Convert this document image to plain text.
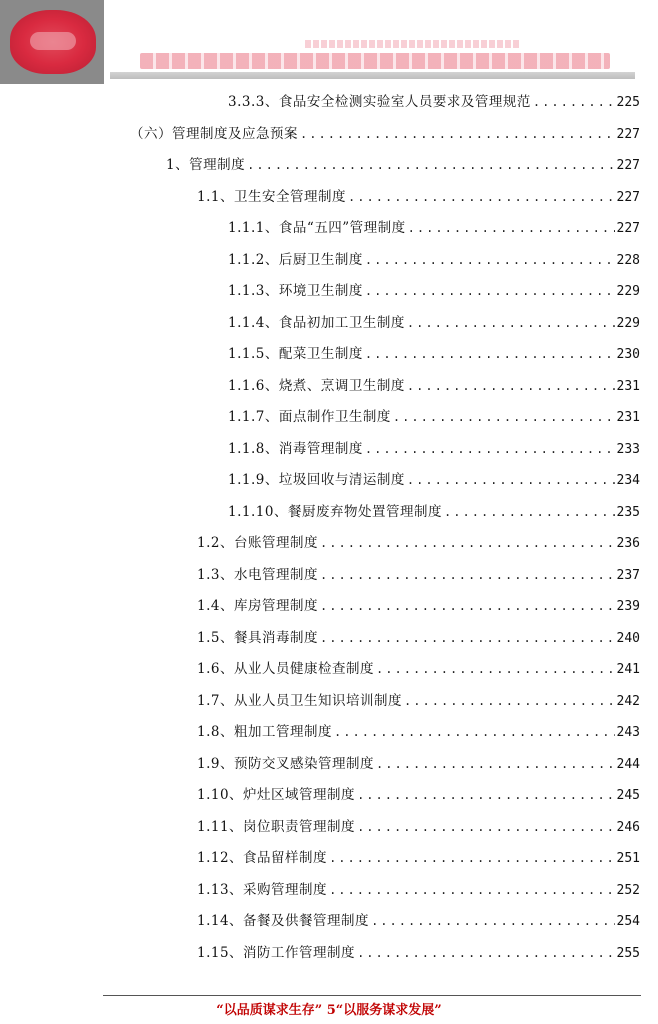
3.3.3、食品安全检测实验室人员要求及管理规范 . . .	225
（六）管理制度及应急预案 . . .	227
1、管理制度 . . .	227
1.1、卫生安全管理制度 . . .	227
1.1.1、食品“五四”管理制度 . . .	227
1.1.2、后厨卫生制度 . . .	228
1.1.3、环境卫生制度 . . .	229
1.1.4、食品初加工卫生制度 . . .	229
1.1.5、配菜卫生制度 . . .	230
1.1.6、烧煮、烹调卫生制度 . . .	231
1.1.7、面点制作卫生制度 . . .	231
1.1.8、消毒管理制度 . . .	233
1.1.9、垃圾回收与清运制度 . . .	234
1.1.10、餐厨废弃物处置管理制度 . . .	235
1.2、台账管理制度 . . .	236
1.3、水电管理制度 . . .	237
1.4、库房管理制度 . . .	239
1.5、餐具消毒制度 . . .	240
1.6、从业人员健康检查制度 . . .	241
1.7、从业人员卫生知识培训制度 . . .	242
1.8、粗加工管理制度 . . .	243
1.9、预防交叉感染管理制度 . . .	244
1.10、炉灶区域管理制度 . . .	245
1.11、岗位职责管理制度 . . .	246
1.12、食品留样制度 . . .	251
1.13、采购管理制度 . . .	252
1.14、备餐及供餐管理制度 . . .	254
1.15、消防工作管理制度 . . .	255
“以品质谋求生存” 5“以服务谋求发展”
